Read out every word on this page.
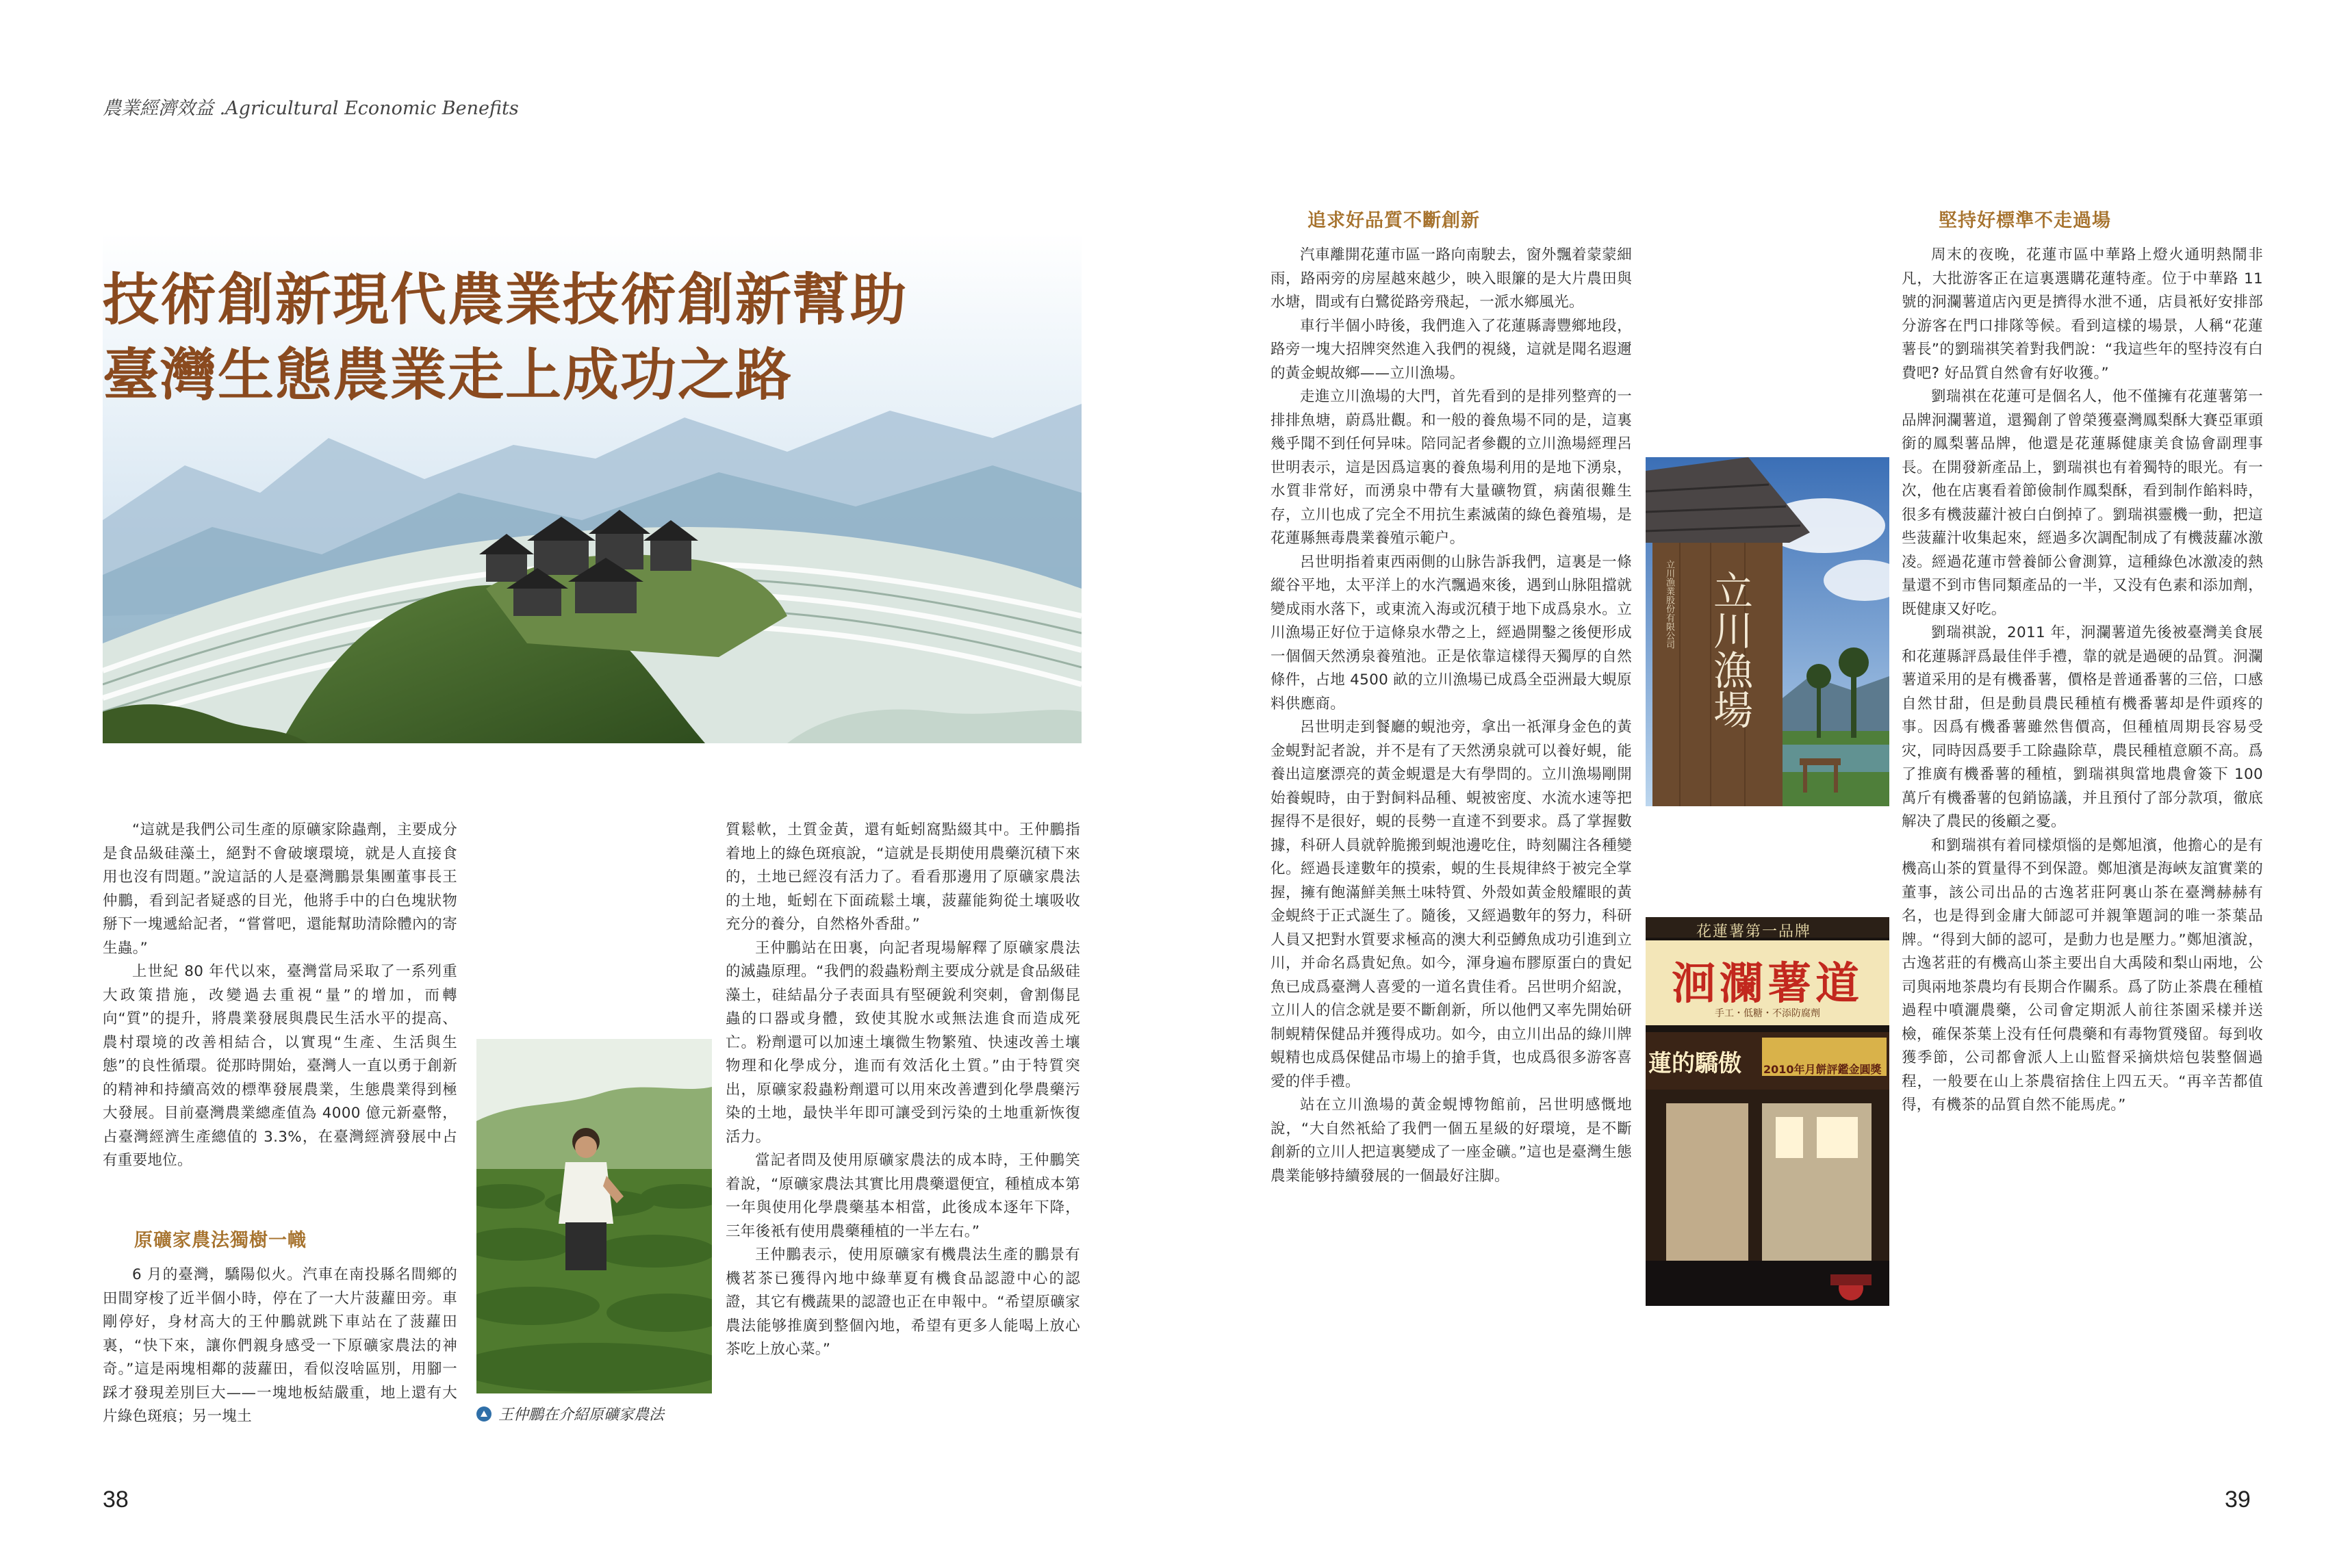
農業經濟效益 .Agricultural Economic Benefits
技術創新現代農業技術創新幫助
臺灣生態農業走上成功之路

“這就是我們公司生產的原礦家除蟲劑，主要成分是食品級硅藻土，絕對不會破壞環境，就是人直接食用也沒有問題。”說這話的人是臺灣鵬景集團董事長王仲鵬，看到記者疑惑的目光，他將手中的白色塊狀物掰下一塊遞給記者，“嘗嘗吧，還能幫助清除體內的寄生蟲。”

上世紀 80 年代以來，臺灣當局采取了一系列重大政策措施，改變過去重視“量”的增加，而轉向“質”的提升，將農業發展與農民生活水平的提高、農村環境的改善相結合，以實現“生產、生活與生態”的良性循環。從那時開始，臺灣人一直以勇于創新的精神和持續高效的標準發展農業，生態農業得到極大發展。目前臺灣農業總產值為 4000 億元新臺幣，占臺灣經濟生產總值的 3.3%，在臺灣經濟發展中占有重要地位。

原礦家農法獨樹一幟

6 月的臺灣，驕陽似火。汽車在南投縣名間鄉的田間穿梭了近半個小時，停在了一大片菠蘿田旁。車剛停好，身材高大的王仲鵬就跳下車站在了菠蘿田裏，“快下來，讓你們親身感受一下原礦家農法的神奇。”這是兩塊相鄰的菠蘿田，看似沒啥區別，用腳一踩才發現差別巨大——一塊地板結嚴重，地上還有大片綠色斑痕；另一塊土	王仲鵬在介紹原礦家農法

質鬆軟，土質金黃，還有蚯蚓窩點綴其中。王仲鵬指着地上的綠色斑痕說，“這就是長期使用農藥沉積下來的，土地已經沒有活力了。看看那邊用了原礦家農法的土地，蚯蚓在下面疏鬆土壤，菠蘿能夠從土壤吸收充分的養分，自然格外香甜。”

王仲鵬站在田裏，向記者現場解釋了原礦家農法的滅蟲原理。“我們的殺蟲粉劑主要成分就是食品級硅藻土，硅結晶分子表面具有堅硬銳利突刺，會割傷昆蟲的口器或身體，致使其脫水或無法進食而造成死亡。粉劑還可以加速土壤微生物繁殖、快速改善土壤物理和化學成分，進而有效活化土質。”由于特質突出，原礦家殺蟲粉劑還可以用來改善遭到化學農藥污染的土地，最快半年即可讓受到污染的土地重新恢復活力。

當記者問及使用原礦家農法的成本時，王仲鵬笑着說，“原礦家農法其實比用農藥還便宜，種植成本第一年與使用化學農藥基本相當，此後成本逐年下降，三年後衹有使用農藥種植的一半左右。”

王仲鵬表示，使用原礦家有機農法生產的鵬景有機茗茶已獲得內地中綠華夏有機食品認證中心的認證，其它有機蔬果的認證也正在申報中。“希望原礦家農法能够推廣到整個內地，希望有更多人能喝上放心茶吃上放心菜。”

38
追求好品質不斷創新

汽車離開花蓮市區一路向南駛去，窗外飄着蒙蒙細雨，路兩旁的房屋越來越少，映入眼簾的是大片農田與水塘，間或有白鷺從路旁飛起，一派水鄉風光。

車行半個小時後，我們進入了花蓮縣壽豐鄉地段，路旁一塊大招牌突然進入我們的視綫，這就是聞名遐邇的黃金蜆故鄉——立川漁場。

走進立川漁場的大門，首先看到的是排列整齊的一排排魚塘，蔚爲壯觀。和一般的養魚場不同的是，這裏幾乎聞不到任何异味。陪同記者參觀的立川漁場經理呂世明表示，這是因爲這裏的養魚場利用的是地下湧泉，水質非常好，而湧泉中帶有大量礦物質，病菌很難生存，立川也成了完全不用抗生素滅菌的綠色養殖場，是花蓮縣無毒農業養殖示範户。

呂世明指着東西兩側的山脉告訴我們，這裏是一條縱谷平地，太平洋上的水汽飄過來後，遇到山脉阻擋就變成雨水落下，或東流入海或沉積于地下成爲泉水。立川漁場正好位于這條泉水帶之上，經過開鑿之後便形成一個個天然湧泉養殖池。正是依靠這樣得天獨厚的自然條件，占地 4500 畝的立川漁場已成爲全亞洲最大蜆原料供應商。

呂世明走到餐廳的蜆池旁，拿出一祇渾身金色的黃金蜆對記者說，并不是有了天然湧泉就可以養好蜆，能養出這麼漂亮的黃金蜆還是大有學問的。立川漁場剛開始養蜆時，由于對飼料品種、蜆被密度、水流水速等把握得不是很好，蜆的長勢一直達不到要求。爲了掌握數據，科研人員就幹脆搬到蜆池邊吃住，時刻關注各種變化。經過長達數年的摸索，蜆的生長規律終于被完全掌握，擁有飽滿鮮美無土味特質、外殼如黃金般耀眼的黃金蜆終于正式誕生了。隨後，又經過數年的努力，科研人員又把對水質要求極高的澳大利亞鱒魚成功引進到立川，并命名爲貴妃魚。如今，渾身遍布膠原蛋白的貴妃魚已成爲臺灣人喜愛的一道名貴佳肴。呂世明介紹說，立川人的信念就是要不斷創新，所以他們又率先開始研制蜆精保健品并獲得成功。如今，由立川出品的綠川牌蜆精也成爲保健品市場上的搶手貨，也成爲很多游客喜愛的伴手禮。

站在立川漁場的黃金蜆博物館前，呂世明感慨地說，“大自然衹給了我們一個五星級的好環境，是不斷創新的立川人把這裏變成了一座金礦。”這也是臺灣生態農業能够持續發展的一個最好注脚。

立川漁場
立川漁業股份有限公司
花蓮薯第一品牌
洄瀾薯道
手工・低糖・不添防腐劑
蓮的驕傲 2010年月餅評鑑金圓獎
堅持好標準不走過場

周末的夜晚，花蓮市區中華路上燈火通明熱鬧非凡，大批游客正在這裏選購花蓮特產。位于中華路 11 號的泂瀾薯道店內更是擠得水泄不通，店員衹好安排部分游客在門口排隊等候。看到這樣的場景，人稱“花蓮薯長”的劉瑞祺笑着對我們說：“我這些年的堅持沒有白費吧? 好品質自然會有好收獲。”

劉瑞祺在花蓮可是個名人，他不僅擁有花蓮薯第一品牌泂瀾薯道，還獨創了曾榮獲臺灣鳳梨酥大賽亞軍頭銜的鳳梨薯品牌，他還是花蓮縣健康美食協會副理事長。在開發新產品上，劉瑞祺也有着獨特的眼光。有一次，他在店裏看着節儉制作鳳梨酥，看到制作餡料時，很多有機菠蘿汁被白白倒掉了。劉瑞祺靈機一動，把這些菠蘿汁收集起來，經過多次調配制成了有機菠蘿冰激凌。經過花蓮市營養師公會測算，這種綠色冰激凌的熱量還不到市售同類產品的一半，又没有色素和添加劑，既健康又好吃。

劉瑞祺說，2011 年，泂瀾薯道先後被臺灣美食展和花蓮縣評爲最佳伴手禮，靠的就是過硬的品質。泂瀾薯道采用的是有機番薯，價格是普通番薯的三倍，口感自然甘甜，但是動員農民種植有機番薯却是件頭疼的事。因爲有機番薯雖然售價高，但種植周期長容易受灾，同時因爲要手工除蟲除草，農民種植意願不高。爲了推廣有機番薯的種植，劉瑞祺與當地農會簽下 100 萬斤有機番薯的包銷協議，并且預付了部分款項，徹底解决了農民的後顧之憂。

和劉瑞祺有着同樣煩惱的是鄭旭濱，他擔心的是有機高山茶的質量得不到保證。鄭旭濱是海峽友誼實業的董事，該公司出品的古逸茗莊阿裏山茶在臺灣赫赫有名，也是得到金庸大師認可并親筆題詞的唯一茶葉品牌。“得到大師的認可，是動力也是壓力。”鄭旭濱說，古逸茗莊的有機高山茶主要出自大禹陵和梨山兩地，公司與兩地茶農均有長期合作關系。爲了防止茶農在種植過程中噴灑農藥，公司會定期派人前往茶園采樣并送檢，確保茶葉上没有任何農藥和有毒物質殘留。每到收獲季節，公司都會派人上山監督采摘烘焙包裝整個過程，一般要在山上茶農宿捨住上四五天。“再辛苦都值得，有機茶的品質自然不能馬虎。”

39
